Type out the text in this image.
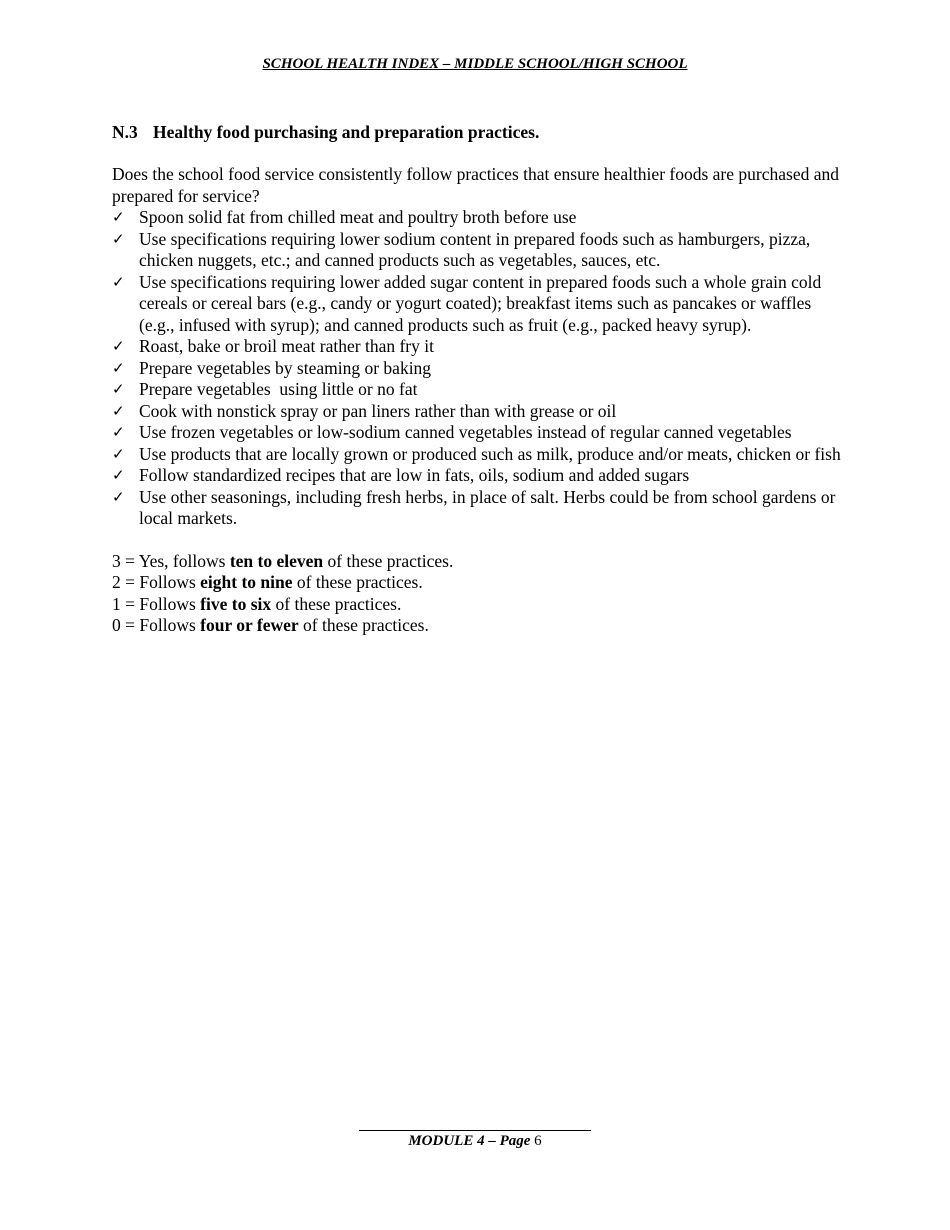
SCHOOL HEALTH INDEX – MIDDLE SCHOOL/HIGH SCHOOL
N.3 Healthy food purchasing and preparation practices.

Does the school food service consistently follow practices that ensure healthier foods are purchased and prepared for service?

✓ Spoon solid fat from chilled meat and poultry broth before use
✓ Use specifications requiring lower sodium content in prepared foods such as hamburgers, pizza, chicken nuggets, etc.; and canned products such as vegetables, sauces, etc.
✓ Use specifications requiring lower added sugar content in prepared foods such a whole grain cold cereals or cereal bars (e.g., candy or yogurt coated); breakfast items such as pancakes or waffles (e.g., infused with syrup); and canned products such as fruit (e.g., packed heavy syrup).
✓ Roast, bake or broil meat rather than fry it
✓ Prepare vegetables by steaming or baking
✓ Prepare vegetables  using little or no fat
✓ Cook with nonstick spray or pan liners rather than with grease or oil
✓ Use frozen vegetables or low-sodium canned vegetables instead of regular canned vegetables
✓ Use products that are locally grown or produced such as milk, produce and/or meats, chicken or fish
✓ Follow standardized recipes that are low in fats, oils, sodium and added sugars
✓ Use other seasonings, including fresh herbs, in place of salt. Herbs could be from school gardens or local markets.
3 = Yes, follows ten to eleven of these practices.
2 = Follows eight to nine of these practices.
1 = Follows five to six of these practices.
0 = Follows four or fewer of these practices.
MODULE 4 – Page 6
